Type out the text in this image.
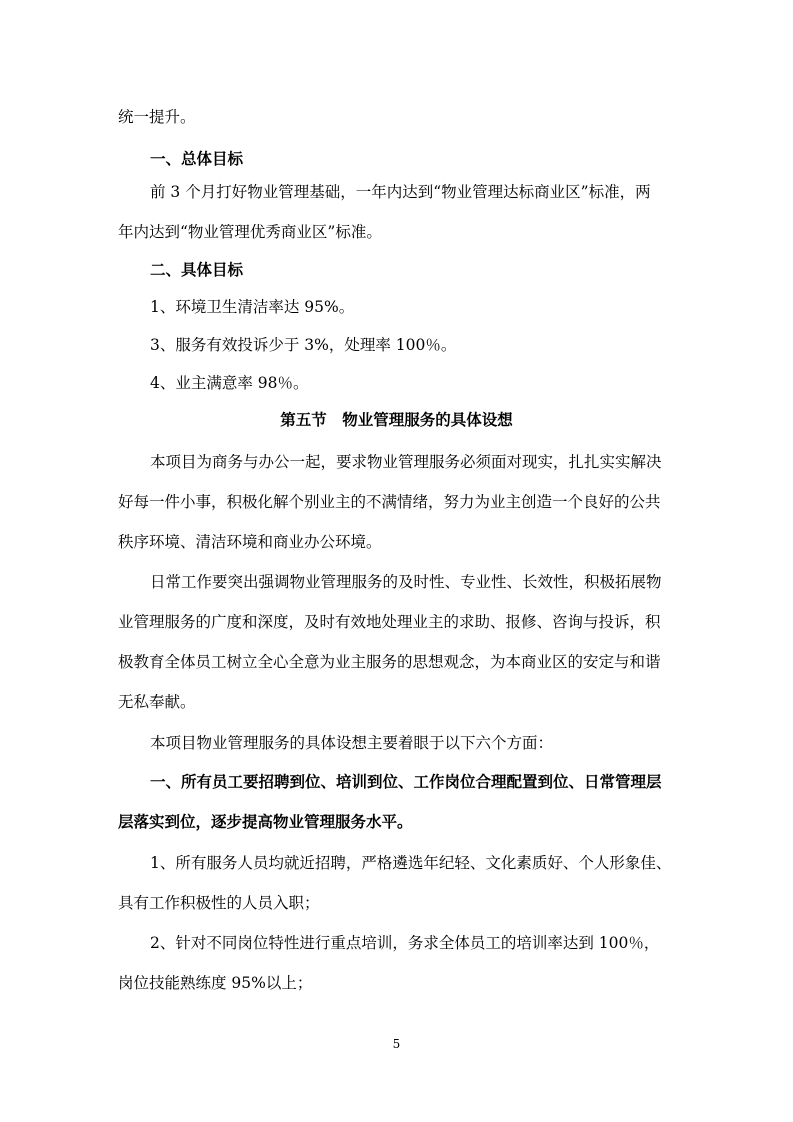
统一提升。
一、总体目标
前 3 个月打好物业管理基础，一年内达到“物业管理达标商业区”标准，两
年内达到“物业管理优秀商业区”标准。
二、具体目标
1、环境卫生清洁率达 95%。
3、服务有效投诉少于 3%，处理率 100％。
4、业主满意率 98％。
第五节　物业管理服务的具体设想
本项目为商务与办公一起，要求物业管理服务必须面对现实，扎扎实实解决
好每一件小事，积极化解个别业主的不满情绪，努力为业主创造一个良好的公共
秩序环境、清洁环境和商业办公环境。
日常工作要突出强调物业管理服务的及时性、专业性、长效性，积极拓展物
业管理服务的广度和深度，及时有效地处理业主的求助、报修、咨询与投诉，积
极教育全体员工树立全心全意为业主服务的思想观念，为本商业区的安定与和谐
无私奉献。
本项目物业管理服务的具体设想主要着眼于以下六个方面：
一、所有员工要招聘到位、培训到位、工作岗位合理配置到位、日常管理层
层落实到位，逐步提高物业管理服务水平。
1、所有服务人员均就近招聘，严格遴选年纪轻、文化素质好、个人形象佳、
具有工作积极性的人员入职；
2、针对不同岗位特性进行重点培训，务求全体员工的培训率达到 100％，
岗位技能熟练度 95%以上；
5
